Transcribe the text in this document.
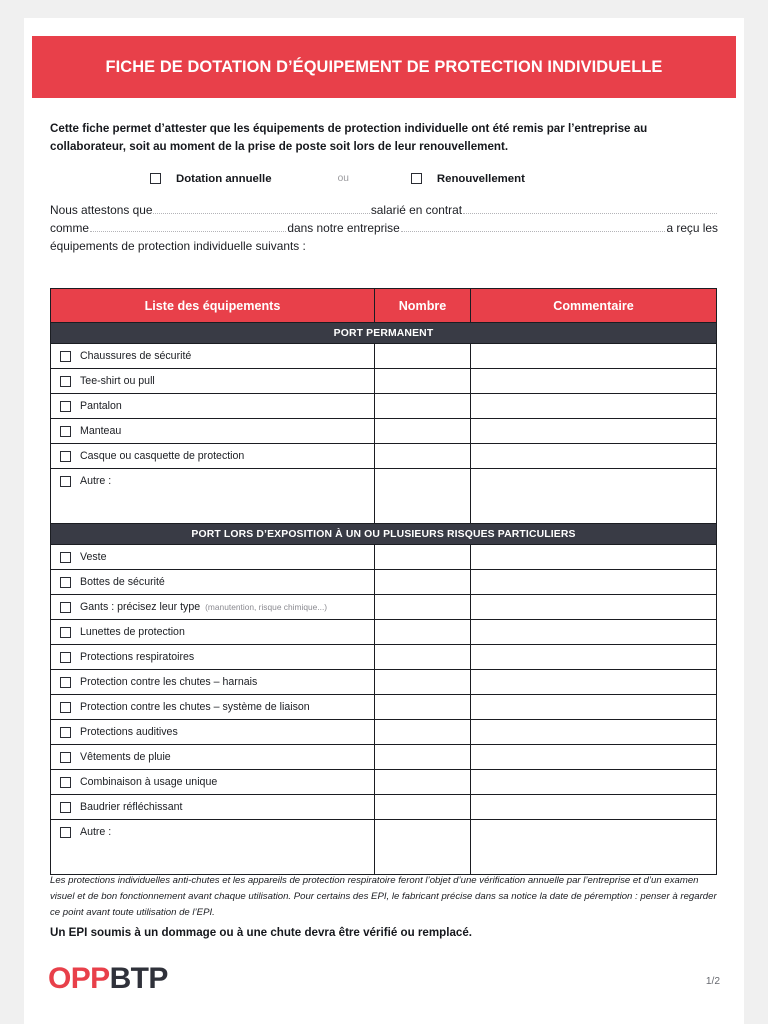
FICHE DE DOTATION D’ÉQUIPEMENT DE PROTECTION INDIVIDUELLE

Cette fiche permet d’attester que les équipements de protection individuelle ont été remis par l’entreprise au collaborateur, soit au moment de la prise de poste soit lors de leur renouvellement.

Dotation annuelle	ou	Renouvellement
Nous attestons que	salarié en contrat
comme	dans notre entreprise	a reçu les
équipements de protection individuelle suivants :
Liste des équipements	Nombre	Commentaire
PORT PERMANENT		

Chaussures de sécurité		

Tee-shirt ou pull		

Pantalon		

Manteau		

Casque ou casquette de protection		

Autre :		

PORT LORS D’EXPOSITION À UN OU PLUSIEURS RISQUES PARTICULIERS		

Veste		

Bottes de sécurité		

Gants : précisez leur type (manutention, risque chimique...)		

Lunettes de protection		

Protections respiratoires		

Protection contre les chutes – harnais		

Protection contre les chutes – système de liaison		

Protections auditives		

Vêtements de pluie		

Combinaison à usage unique		

Baudrier réfléchissant		

Autre :		

Les protections individuelles anti-chutes et les appareils de protection respiratoire feront l’objet d’une vérification annuelle par l’entreprise et d’un examen visuel et de bon fonctionnement avant chaque utilisation. Pour certains des EPI, le fabricant précise dans sa notice la date de péremption : penser à regarder ce point avant toute utilisation de l’EPI.
Un EPI soumis à un dommage ou à une chute devra être vérifié ou remplacé.
OPPBTP	1/2
